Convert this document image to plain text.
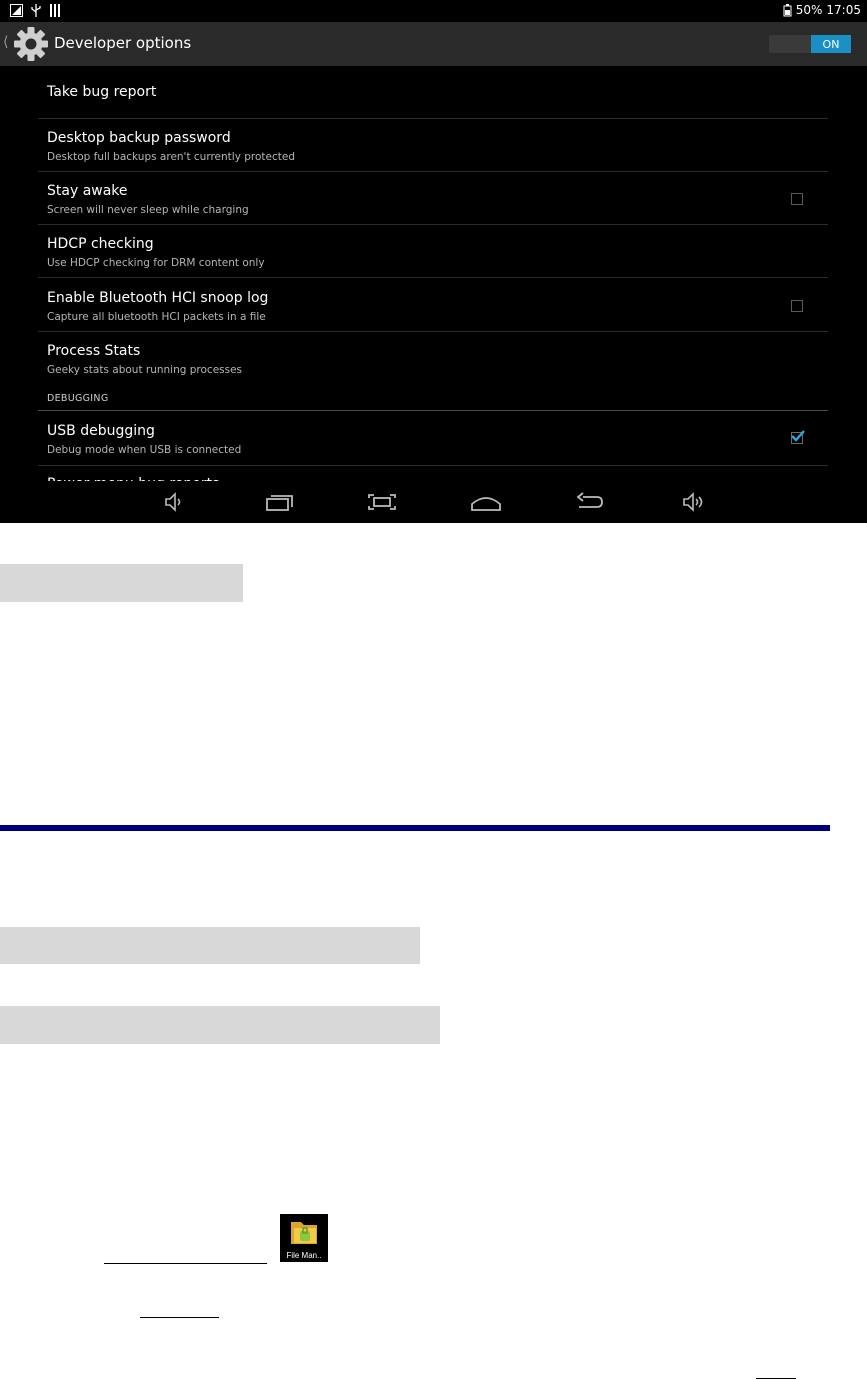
50% 17:05
⟨	Developer options	ON
Take bug report
Desktop backup password
Desktop full backups aren't currently protected
Stay awake
Screen will never sleep while charging
HDCP checking
Use HDCP checking for DRM content only
Enable Bluetooth HCI snoop log
Capture all bluetooth HCI packets in a file
Process Stats
Geeky stats about running processes
DEBUGGING
USB debugging
Debug mode when USB is connected
File Man..
